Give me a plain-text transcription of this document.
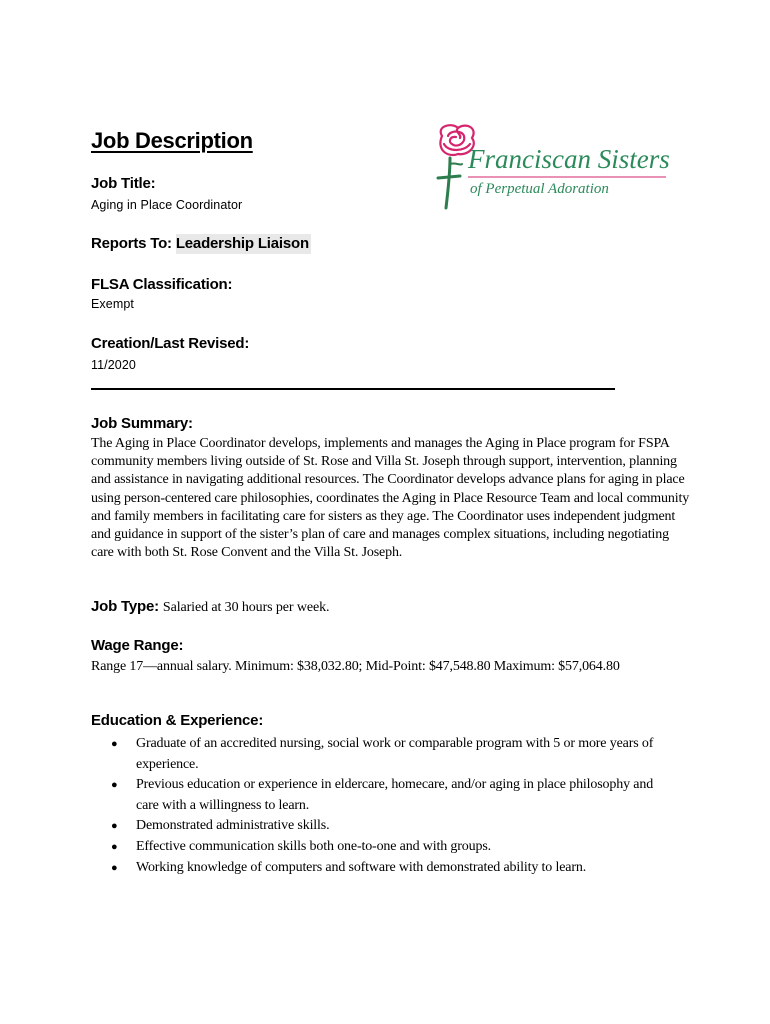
Job Description
Franciscan Sisters
of Perpetual Adoration
Job Title:
Aging in Place Coordinator
Reports To: Leadership Liaison
FLSA Classification:
Exempt
Creation/Last Revised:
11/2020
Job Summary:
The Aging in Place Coordinator develops, implements and manages the Aging in Place program for FSPA community members living outside of St. Rose and Villa St. Joseph through support, intervention, planning and assistance in navigating additional resources. The Coordinator develops advance plans for aging in place using person-centered care philosophies, coordinates the Aging in Place Resource Team and local community and family members in facilitating care for sisters as they age. The Coordinator uses independent judgment and guidance in support of the sister’s plan of care and manages complex situations, including negotiating care with both St. Rose Convent and the Villa St. Joseph.
Job Type: Salaried at 30 hours per week.
Wage Range:
Range 17—annual salary. Minimum: $38,032.80; Mid-Point: $47,548.80 Maximum: $57,064.80
Education & Experience:
● Graduate of an accredited nursing, social work or comparable program with 5 or more years of experience.
● Previous education or experience in eldercare, homecare, and/or aging in place philosophy and care with a willingness to learn.
● Demonstrated administrative skills.
● Effective communication skills both one-to-one and with groups.
● Working knowledge of computers and software with demonstrated ability to learn.
